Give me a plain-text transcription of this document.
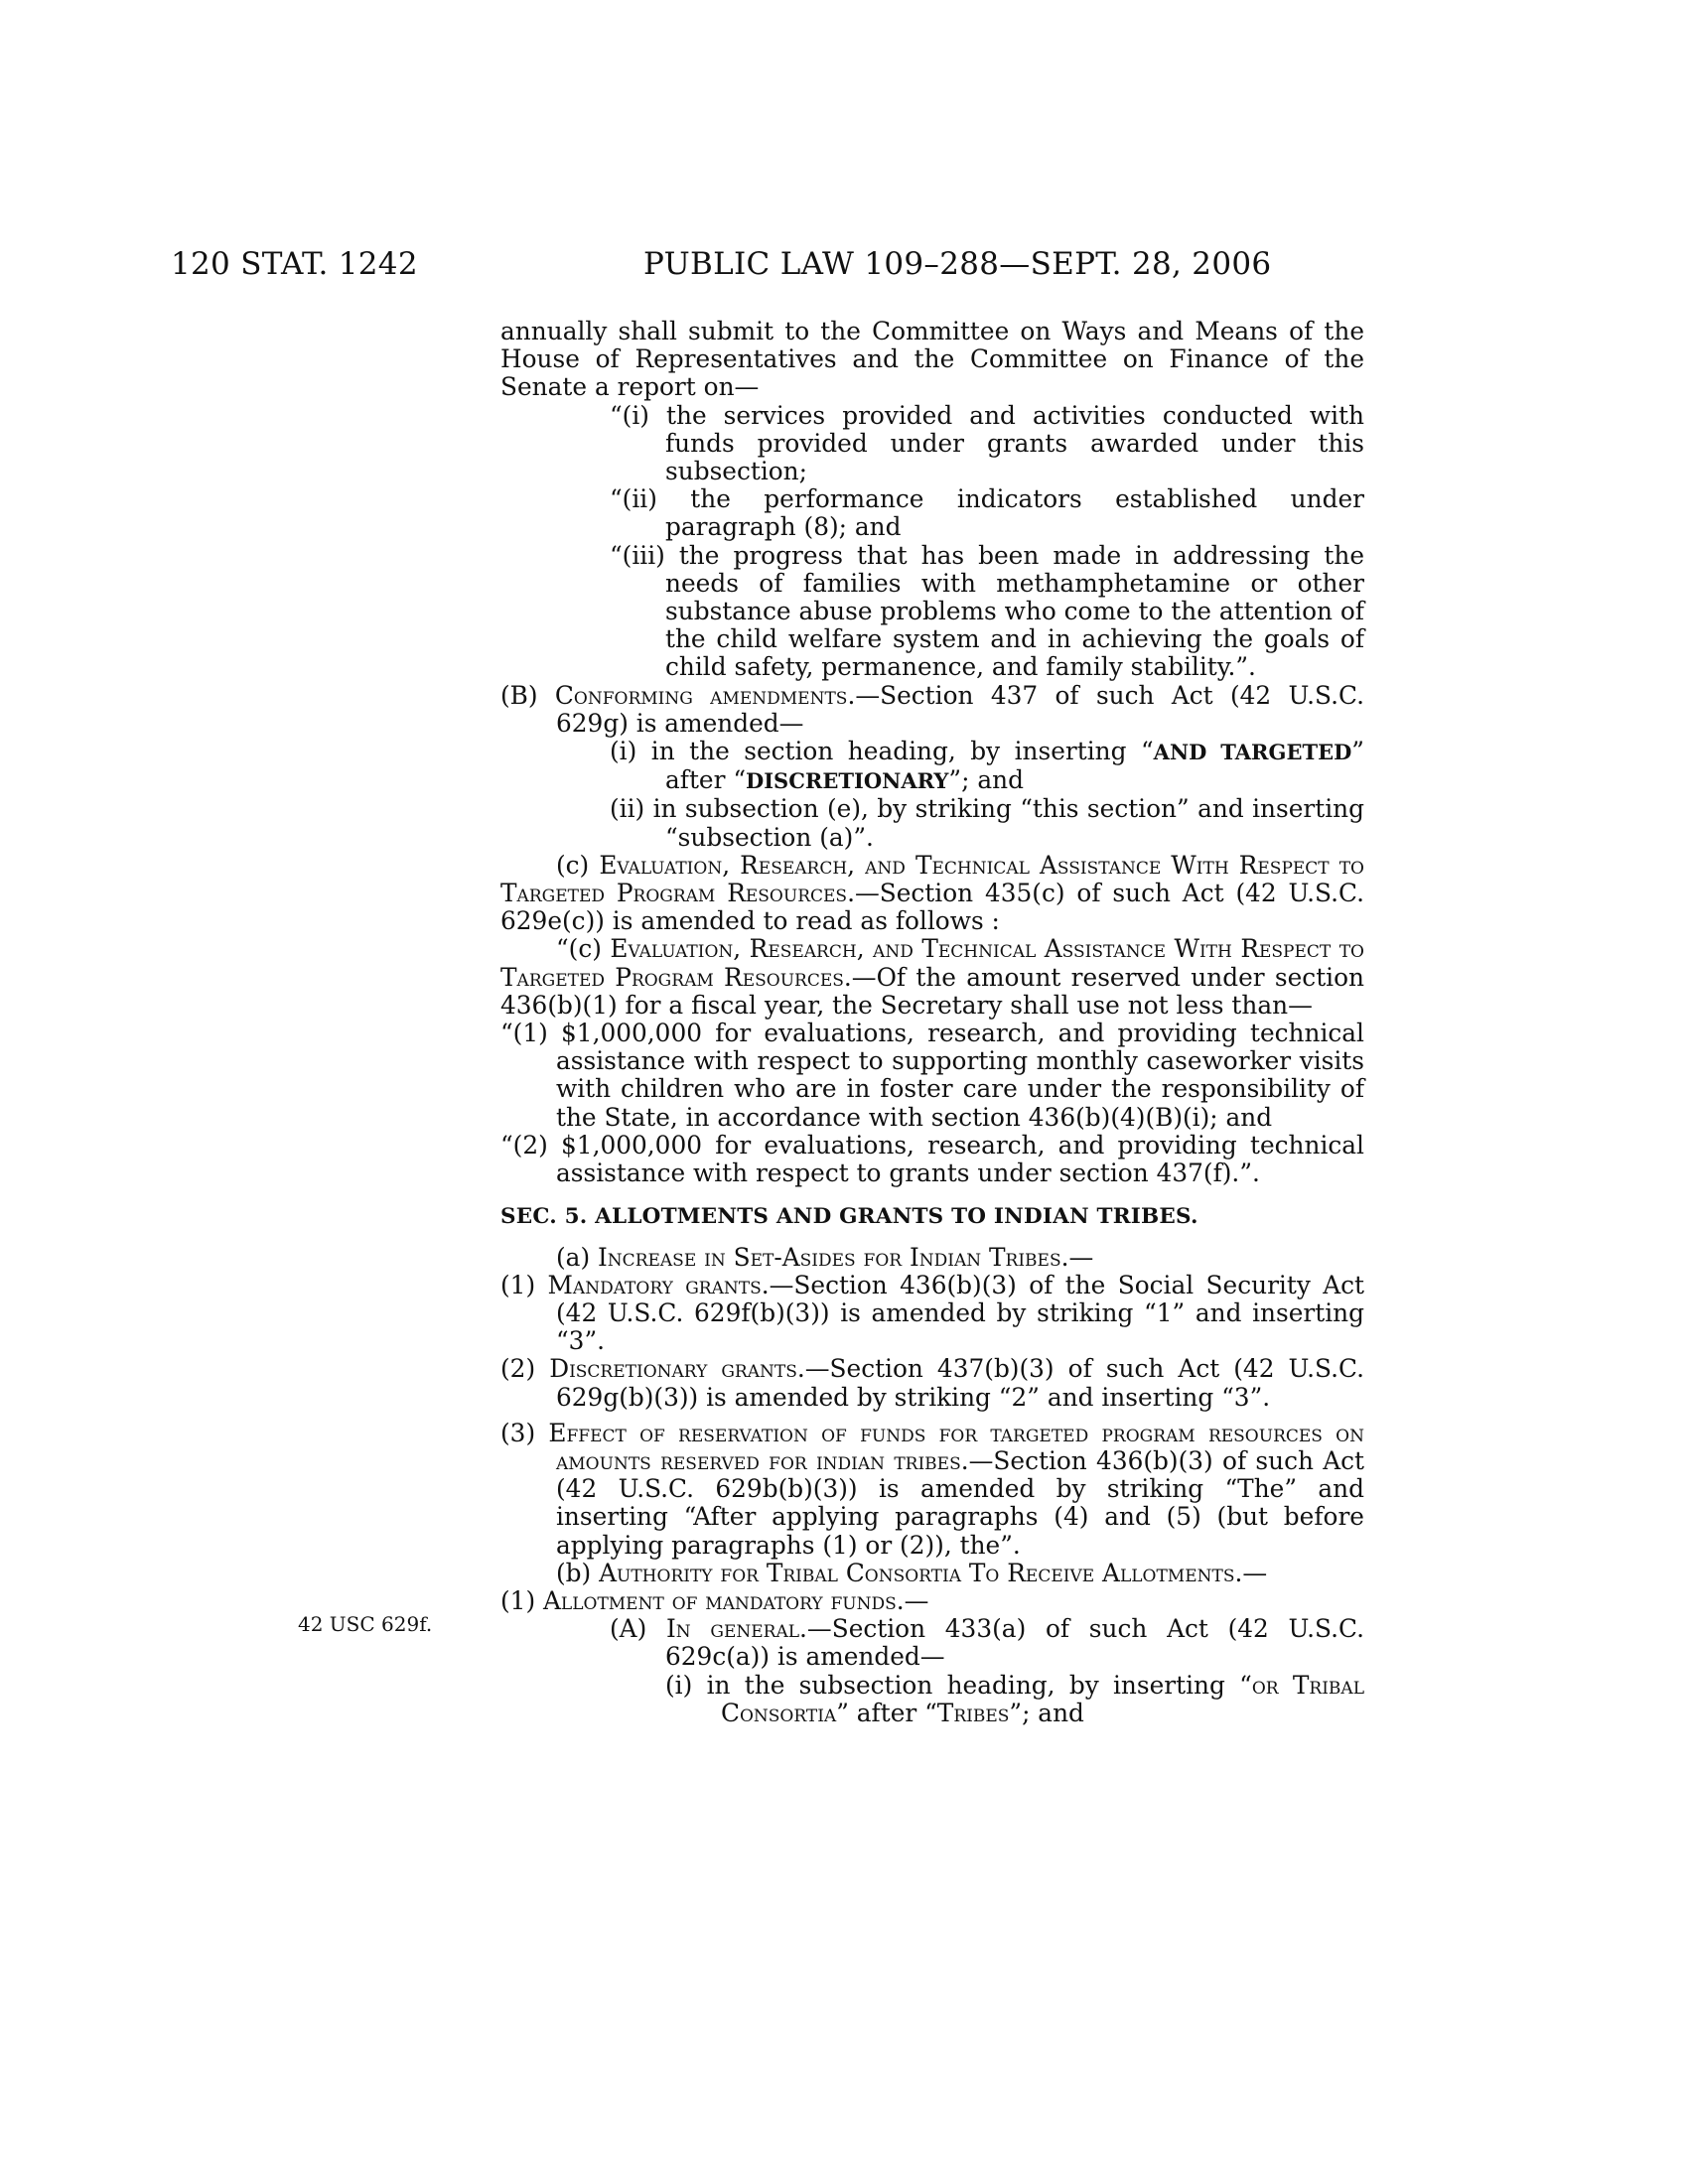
120 STAT. 1242	PUBLIC LAW 109–288—SEPT. 28, 2006
42 USC 629f.

annually shall submit to the Committee on Ways and Means of the House of Representatives and the Committee on Finance of the Senate a report on—

“(i) the services provided and activities conducted with funds provided under grants awarded under this subsection;

“(ii) the performance indicators established under paragraph (8); and

“(iii) the progress that has been made in addressing the needs of families with methamphetamine or other substance abuse problems who come to the attention of the child welfare system and in achieving the goals of child safety, permanence, and family stability.”.

(B) Conforming amendments.—Section 437 of such Act (42 U.S.C. 629g) is amended—

(i) in the section heading, by inserting “AND TARGETED” after “DISCRETIONARY”; and

(ii) in subsection (e), by striking “this section” and inserting “subsection (a)”.

(c) Evaluation, Research, and Technical Assistance With Respect to Targeted Program Resources.—Section 435(c) of such Act (42 U.S.C. 629e(c)) is amended to read as follows :

“(c) Evaluation, Research, and Technical Assistance With Respect to Targeted Program Resources.—Of the amount reserved under section 436(b)(1) for a fiscal year, the Secretary shall use not less than—

“(1) $1,000,000 for evaluations, research, and providing technical assistance with respect to supporting monthly caseworker visits with children who are in foster care under the responsibility of the State, in accordance with section 436(b)(4)(B)(i); and

“(2) $1,000,000 for evaluations, research, and providing technical assistance with respect to grants under section 437(f).”.

SEC. 5. ALLOTMENTS AND GRANTS TO INDIAN TRIBES.

(a) Increase in Set-Asides for Indian Tribes.—

(1) Mandatory grants.—Section 436(b)(3) of the Social Security Act (42 U.S.C. 629f(b)(3)) is amended by striking “1” and inserting “3”.

(2) Discretionary grants.—Section 437(b)(3) of such Act (42 U.S.C. 629g(b)(3)) is amended by striking “2” and inserting “3”.

(3) Effect of reservation of funds for targeted program resources on amounts reserved for indian tribes.—Section 436(b)(3) of such Act (42 U.S.C. 629b(b)(3)) is amended by striking “The” and inserting “After applying paragraphs (4) and (5) (but before applying paragraphs (1) or (2)), the”.

(b) Authority for Tribal Consortia To Receive Allotments.—

(1) Allotment of mandatory funds.—

(A) In general.—Section 433(a) of such Act (42 U.S.C. 629c(a)) is amended—

(i) in the subsection heading, by inserting “or Tribal Consortia” after “Tribes”; and
